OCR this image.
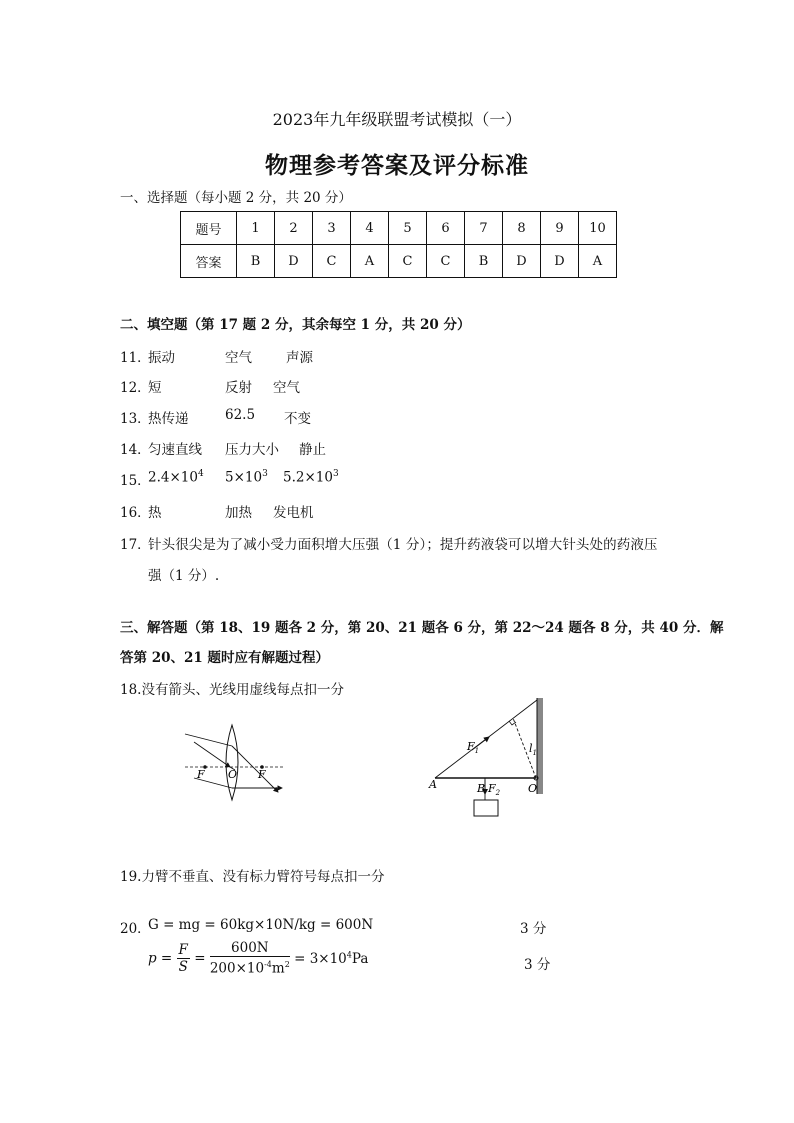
2023年九年级联盟考试模拟（一）
物理参考答案及评分标准
一、选择题（每小题 2 分，共 20 分）
题号	1	2	3	4	5	6	7	8	9	10
答案	B	D	C	A	C	C	B	D	D	A
二、填空题（第 17 题 2 分，其余每空 1 分，共 20 分）
11．
振动	空气	声源
12．
短	反射 空气
13．
热传递	62.5 不变
14．
匀速直线 压力大小 静止
15．
$2.4\times 10^4$ $5\times 10^3$ $5.2\times 10^3$
16．
热	加热 发电机
17．
针头很尖是为了减小受力面积增大压强（1 分）；提升药液袋可以增大针头处的药液压
强（1 分）.
三、解答题（第 18、19 题各 2 分，第 20、21 题各 6 分，第 22～24 题各 8 分，共 40 分．解
答第 20、21 题时应有解题过程）
18.没有箭头、光线用虚线每点扣一分
F O F
$F_1$	$l_1$
A	B $F_2$	O
19.力臂不垂直、没有标力臂符号每点扣一分
20．
G = mg = 60kg×10N/kg = 600N	3 分
$p = \frac{F}{S} = \frac{600N}{200\times 10^{-4}m^2} = 3\times 10^4Pa$	3 分
